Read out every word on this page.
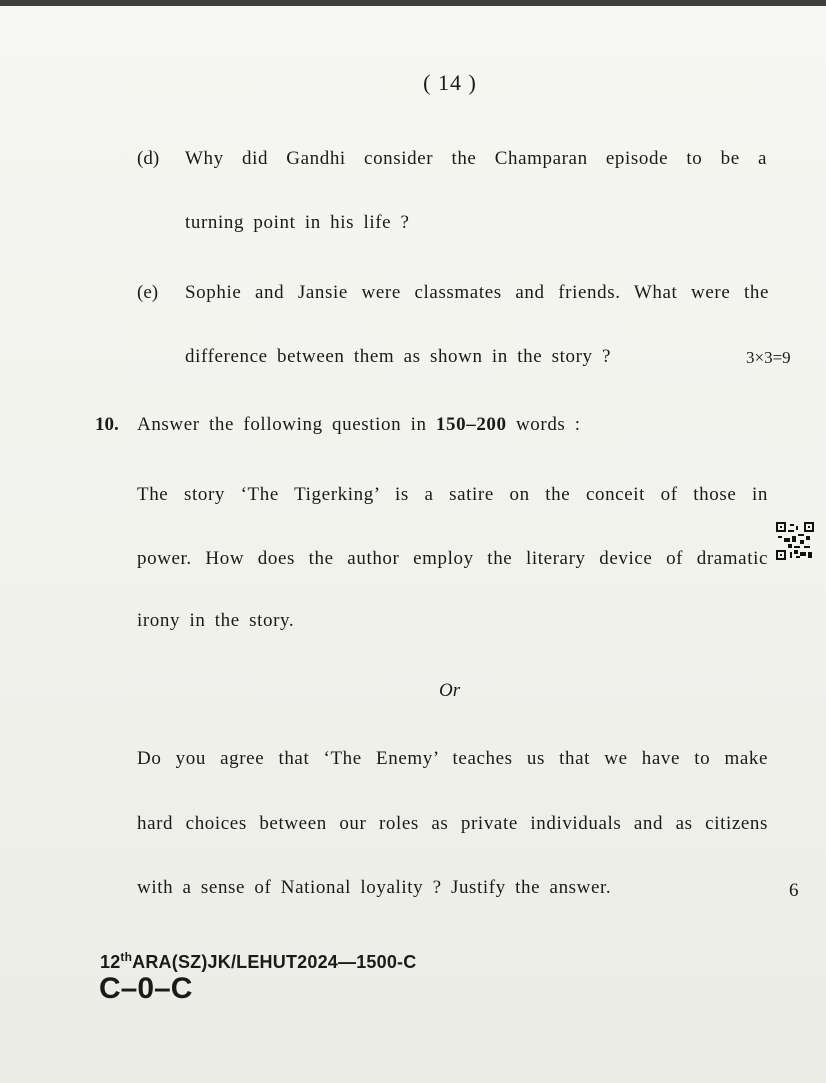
( 14 )
(d) Why did Gandhi consider the Champaran episode to be a
turning point in his life ?
(e) Sophie and Jansie were classmates and friends. What were the
difference between them as shown in the story ?	3×3=9
10. Answer the following question in 150–200 words :
The story ‘The Tigerking’ is a satire on the conceit of those in
power. How does the author employ the literary device of dramatic
irony in the story.
Or
Do you agree that ‘The Enemy’ teaches us that we have to make
hard choices between our roles as private individuals and as citizens
with a sense of National loyality ? Justify the answer.	6
12thARA(SZ)JK/LEHUT2024—1500-C
C–0–C
